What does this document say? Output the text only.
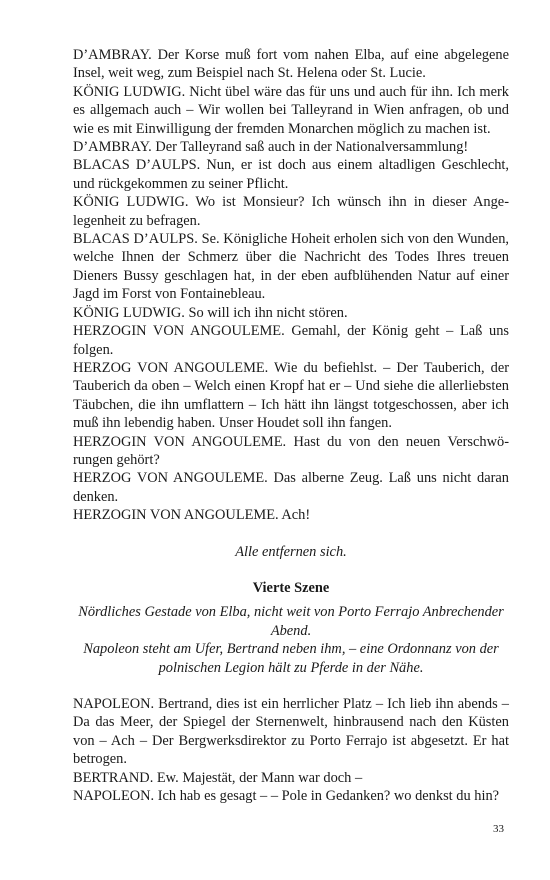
D’AMBRAY. Der Korse muß fort vom nahen Elba, auf eine abgelegene Insel, weit weg, zum Beispiel nach St. Helena oder St. Lucie.

KÖNIG LUDWIG. Nicht übel wäre das für uns und auch für ihn. Ich merk es allgemach auch – Wir wollen bei Talleyrand in Wien anfragen, ob und wie es mit Einwilligung der fremden Monarchen möglich zu machen ist.

D’AMBRAY. Der Talleyrand saß auch in der Nationalversammlung!

BLACAS D’AULPS. Nun, er ist doch aus einem altadligen Geschlecht, und rückgekommen zu seiner Pflicht.

KÖNIG LUDWIG. Wo ist Monsieur? Ich wünsch ihn in dieser Angelegenheit zu befragen.

BLACAS D’AULPS. Se. Königliche Hoheit erholen sich von den Wunden, welche Ihnen der Schmerz über die Nachricht des Todes Ihres treuen Dieners Bussy geschlagen hat, in der eben aufblühenden Natur auf einer Jagd im Forst von Fontainebleau.

KÖNIG LUDWIG. So will ich ihn nicht stören.

HERZOGIN VON ANGOULEME. Gemahl, der König geht – Laß uns folgen.

HERZOG VON ANGOULEME. Wie du befiehlst. – Der Tauberich, der Tauberich da oben – Welch einen Kropf hat er – Und siehe die allerliebsten Täubchen, die ihn umflattern – Ich hätt ihn längst totgeschossen, aber ich muß ihn lebendig haben. Unser Houdet soll ihn fangen.

HERZOGIN VON ANGOULEME. Hast du von den neuen Verschwörungen gehört?

HERZOG VON ANGOULEME. Das alberne Zeug. Laß uns nicht daran denken.

HERZOGIN VON ANGOULEME. Ach!

Alle entfernen sich.

Vierte Szene

Nördliches Gestade von Elba, nicht weit von Porto Ferrajo Anbrechender Abend.

Napoleon steht am Ufer, Bertrand neben ihm, – eine Ordonnanz von der polnischen Legion hält zu Pferde in der Nähe.

NAPOLEON. Bertrand, dies ist ein herrlicher Platz – Ich lieb ihn abends – Da das Meer, der Spiegel der Sternenwelt, hinbrausend nach den Küsten von – Ach – Der Bergwerksdirektor zu Porto Ferrajo ist abgesetzt. Er hat betrogen.

BERTRAND. Ew. Majestät, der Mann war doch –

NAPOLEON. Ich hab es gesagt – – Pole in Gedanken? wo denkst du hin?

33
